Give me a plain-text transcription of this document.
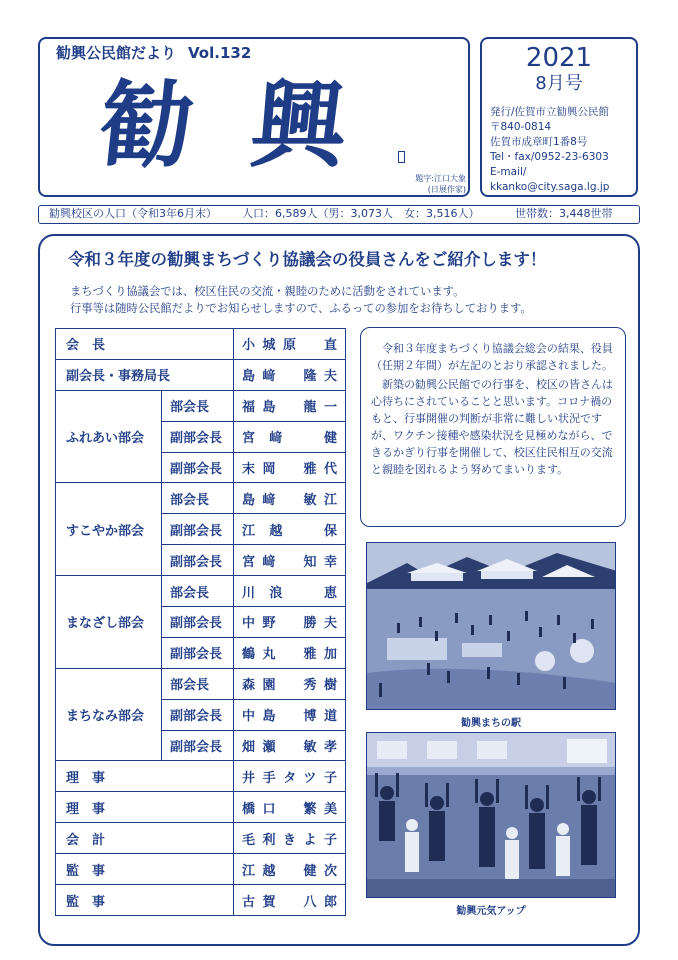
勧興公民館だより Vol.132
勧興 題字:江口大象
(日展作家)
2021
8月号
発行/佐賀市立勧興公民館
〒840-0814
佐賀市成章町1番8号
Tel・fax/0952-23-6303
E-mail/
kkanko@city.saga.lg.jp
勧興校区の人口（令和3年6月末） 人口：6,589人（男：3,073人　女：3,516人）	世帯数：3,448世帯
令和３年度の勧興まちづくり協議会の役員さんをご紹介します！
まちづくり協議会では、校区住民の交流・親睦のために活動をされています。
行事等は随時公民館だよりでお知らせしますので、ふるっての参加をお待ちしております。
会　長		小城原　直
副会長・事務局長		島﨑　隆夫
ふれあい部会	部会長	福島　龍一
	副部会長	宮﨑　健
	副部会長	末岡　雅代
すこやか部会	部会長	島﨑　敏江
	副部会長	江越　保
	副部会長	宮﨑　知幸
まなざし部会	部会長	川浪　恵
	副部会長	中野　勝夫
	副部会長	鶴丸　雅加
まちなみ部会	部会長	森園　秀樹
	副部会長	中島　博道
	副部会長	畑瀬　敏孝
理　事		井手タツ子
理　事		橋口　繁美
会　計		毛利きよ子
監　事		江越　健次
監　事		古賀　八郎

令和３年度まちづくり協議会総会の結果、役員（任期２年間）が左記のとおり承認されました。

新築の勧興公民館での行事を、校区の皆さんは心待ちにされていることと思います。コロナ禍のもと、行事開催の判断が非常に難しい状況ですが、ワクチン接種や感染状況を見極めながら、できるかぎり行事を開催して、校区住民相互の交流と親睦を図れるよう努めてまいります。

勧興まちの駅
勧興元気アップ
